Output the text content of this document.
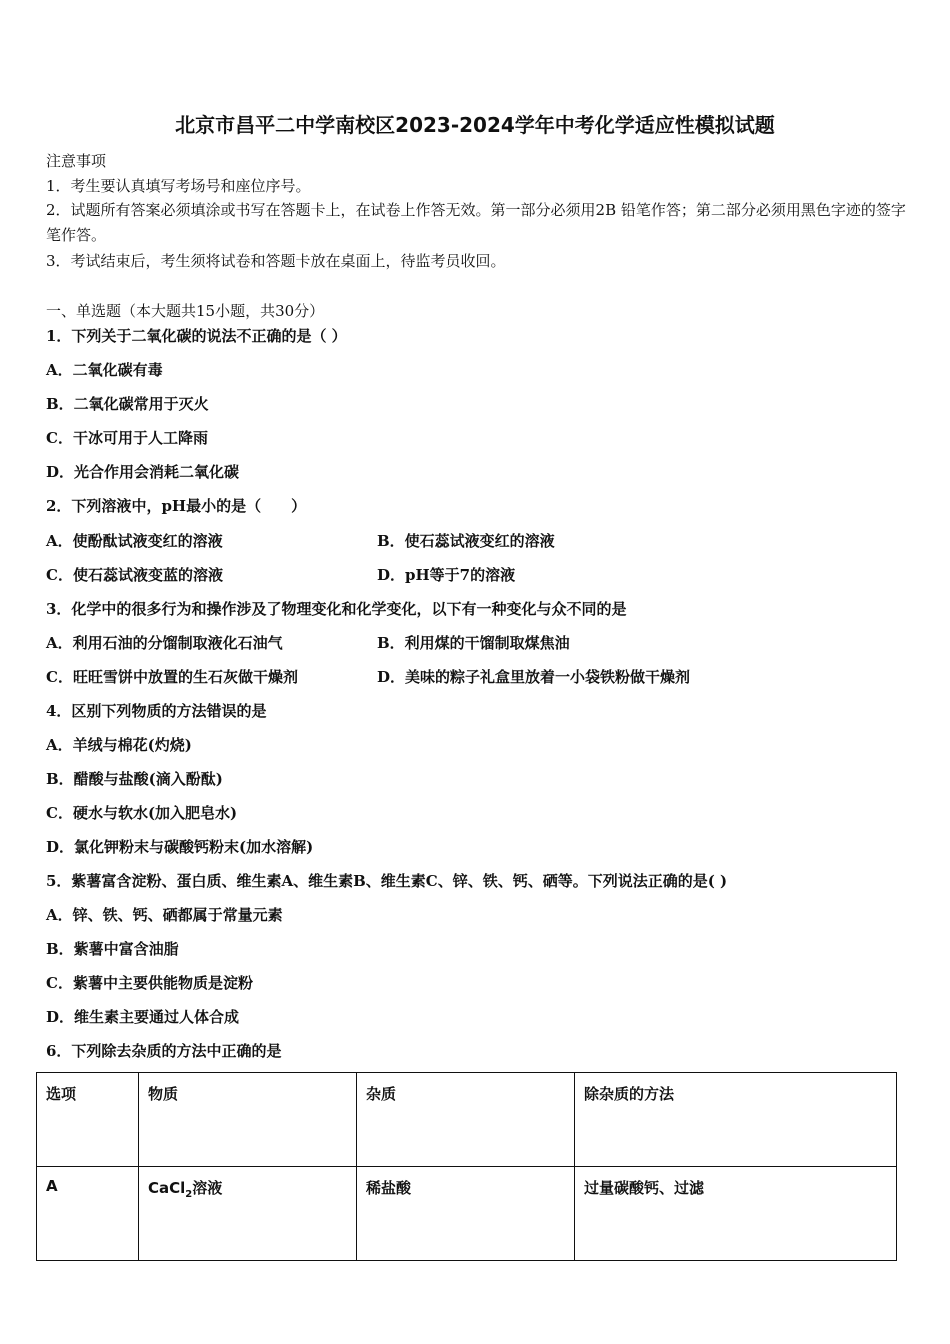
北京市昌平二中学南校区2023-2024学年中考化学适应性模拟试题
注意事项
1．考生要认真填写考场号和座位序号。
2．试题所有答案必须填涂或书写在答题卡上，在试卷上作答无效。第一部分必须用2B 铅笔作答；第二部分必须用黑色字迹的签字笔作答。
3．考试结束后，考生须将试卷和答题卡放在桌面上，待监考员收回。
一、单选题（本大题共15小题，共30分）
1．下列关于二氧化碳的说法不正确的是（ ）
A．二氧化碳有毒
B．二氧化碳常用于灭火
C．干冰可用于人工降雨
D．光合作用会消耗二氧化碳
2．下列溶液中，pH最小的是（　　）
A．使酚酞试液变红的溶液	B．使石蕊试液变红的溶液
C．使石蕊试液变蓝的溶液	D．pH等于7的溶液
3．化学中的很多行为和操作涉及了物理变化和化学变化，以下有一种变化与众不同的是
A．利用石油的分馏制取液化石油气	B．利用煤的干馏制取煤焦油
C．旺旺雪饼中放置的生石灰做干燥剂	D．美味的粽子礼盒里放着一小袋铁粉做干燥剂
4．区别下列物质的方法错误的是
A．羊绒与棉花(灼烧)
B．醋酸与盐酸(滴入酚酞)
C．硬水与软水(加入肥皂水)
D．氯化钾粉末与碳酸钙粉末(加水溶解)
5．紫薯富含淀粉、蛋白质、维生素A、维生素B、维生素C、锌、铁、钙、硒等。下列说法正确的是( )
A．锌、铁、钙、硒都属于常量元素
B．紫薯中富含油脂
C．紫薯中主要供能物质是淀粉
D．维生素主要通过人体合成
6．下列除去杂质的方法中正确的是
选项	物质	杂质	除杂质的方法
A	CaCl$_2$溶液	稀盐酸	过量碳酸钙、过滤
